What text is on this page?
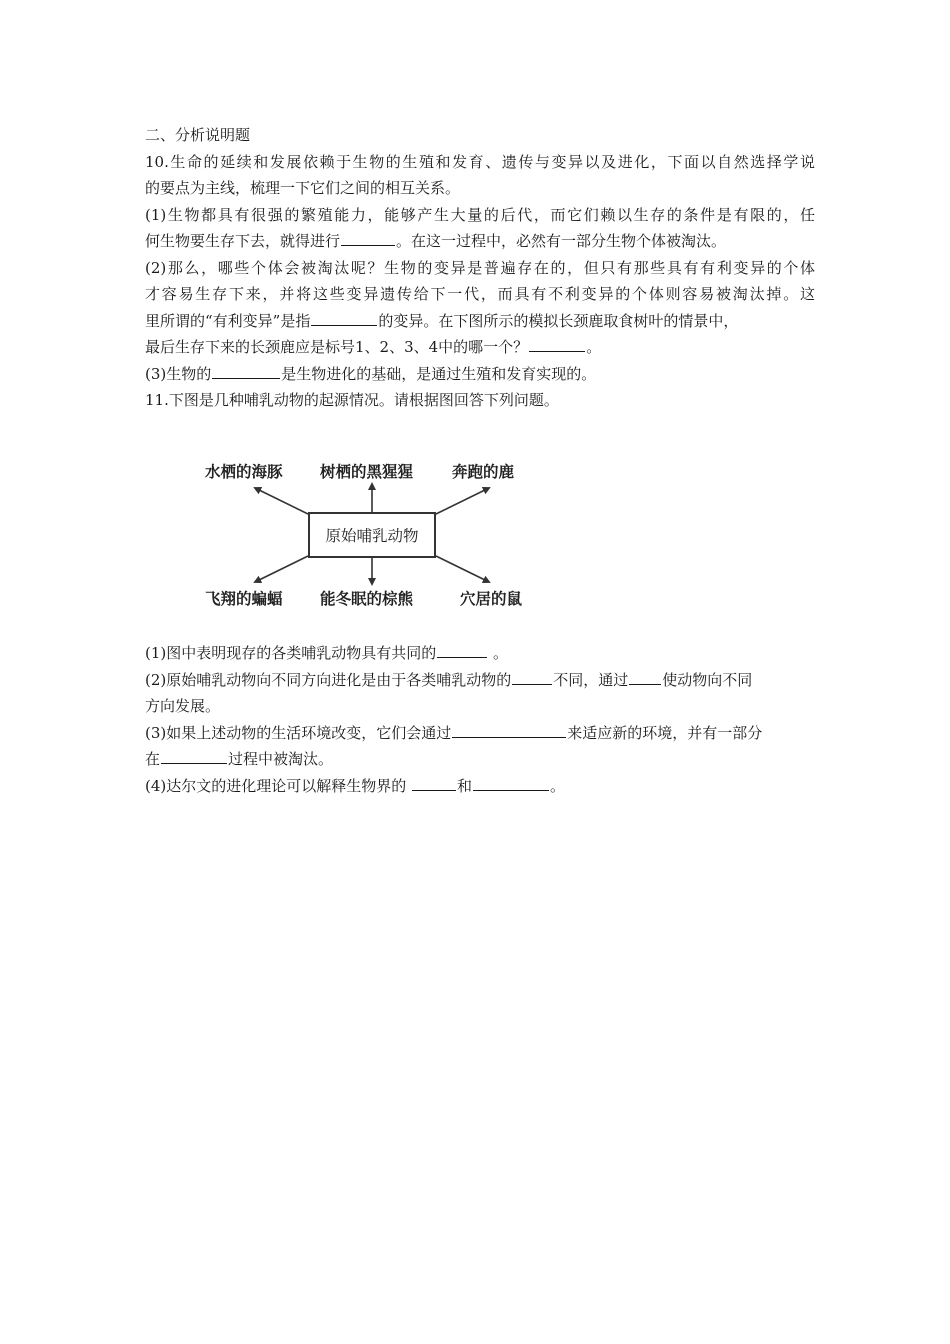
二、分析说明题
10.生命的延续和发展依赖于生物的生殖和发育、遗传与变异以及进化，下面以自然选择学说
的要点为主线，梳理一下它们之间的相互关系。
(1)生物都具有很强的繁殖能力，能够产生大量的后代，而它们赖以生存的条件是有限的，任
何生物要生存下去，就得进行	。在这一过程中，必然有一部分生物个体被淘汰。
(2)那么，哪些个体会被淘汰呢？生物的变异是普遍存在的，但只有那些具有有利变异的个体
才容易生存下来，并将这些变异遗传给下一代，而具有不利变异的个体则容易被淘汰掉。这
里所谓的“有利变异”是指	的变异。在下图所示的模拟长颈鹿取食树叶的情景中，
最后生存下来的长颈鹿应是标号1、2、3、4中的哪一个？	。
(3)生物的	是生物进化的基础，是通过生殖和发育实现的。
11.下图是几种哺乳动物的起源情况。请根据图回答下列问题。
水栖的海豚 树栖的黑猩猩	奔跑的鹿
原始哺乳动物
飞翔的蝙蝠 能冬眠的棕熊	穴居的鼠
(1)图中表明现存的各类哺乳动物具有共同的	。
(2)原始哺乳动物向不同方向进化是由于各类哺乳动物的	不同，通过 使动物向不同
方向发展。
(3)如果上述动物的生活环境改变，它们会通过	来适应新的环境，并有一部分
在	过程中被淘汰。
(4)达尔文的进化理论可以解释生物界的	和	。
